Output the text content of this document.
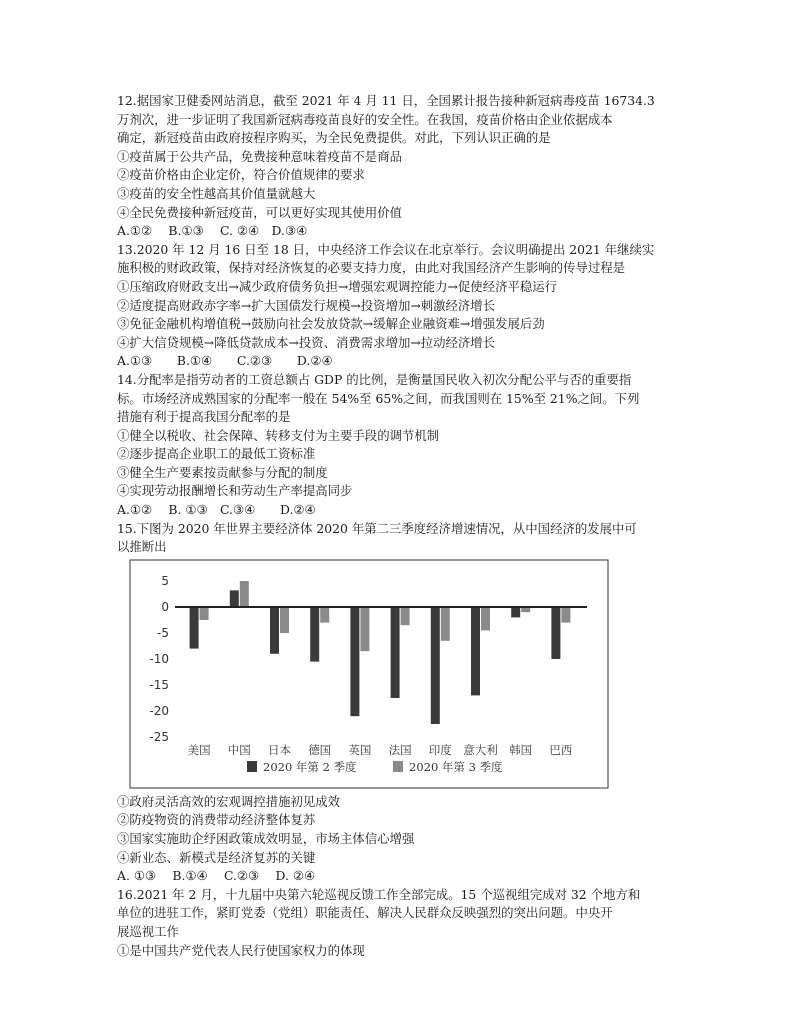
12.据国家卫健委网站消息，截至 2021 年 4 月 11 日，全国累计报告接种新冠病毒疫苗 16734.3
万剂次，进一步证明了我国新冠病毒疫苗良好的安全性。在我国，疫苗价格由企业依据成本
确定，新冠疫苗由政府按程序购买，为全民免费提供。对此，下列认识正确的是
①疫苗属于公共产品，免费接种意味着疫苗不是商品
②疫苗价格由企业定价，符合价值规律的要求
③疫苗的安全性越高其价值量就越大
④全民免费接种新冠疫苗，可以更好实现其使用价值
A.①②　 B.①③　 C. ②④　D.③④
13.2020 年 12 月 16 日至 18 日，中央经济工作会议在北京举行。会议明确提出 2021 年继续实
施积极的财政政策，保持对经济恢复的必要支持力度，由此对我国经济产生影响的传导过程是
①压缩政府财政支出→减少政府债务负担→增强宏观调控能力→促使经济平稳运行
②适度提高财政赤字率→扩大国债发行规模→投资增加→刺激经济增长
③免征金融机构增值税→鼓励向社会发放贷款→缓解企业融资难→增强发展后劲
④扩大信贷规模→降低贷款成本→投资、消费需求增加→拉动经济增长
A.①③　　B.①④　　C.②③　　D.②④
14.分配率是指劳动者的工资总额占 GDP 的比例，是衡量国民收入初次分配公平与否的重要指
标。市场经济成熟国家的分配率一般在 54%至 65%之间，而我国则在 15%至 21%之间。下列
措施有利于提高我国分配率的是
①健全以税收、社会保障、转移支付为主要手段的调节机制
②逐步提高企业职工的最低工资标准
③健全生产要素按贡献参与分配的制度
④实现劳动报酬增长和劳动生产率提高同步
A.①②　 B. ①③　C.③④　　D.②④
15.下图为 2020 年世界主要经济体 2020 年第二三季度经济增速情况，从中国经济的发展中可
以推断出
5
0
-5
-10
-15
-20
-25
美国 中国 日本 德国 英国 法国 印度 意大利 韩国 巴西
2020 年第 2 季度	2020 年第 3 季度
①政府灵活高效的宏观调控措施初见成效
②防疫物资的消费带动经济整体复苏
③国家实施助企纾困政策成效明显，市场主体信心增强
④新业态、新模式是经济复苏的关键
A. ①③　 B.①④　 C.②③　 D. ②④
16.2021 年 2 月，十九届中央第六轮巡视反馈工作全部完成。15 个巡视组完成对 32 个地方和
单位的进驻工作，紧盯党委（党组）职能责任、解决人民群众反映强烈的突出问题。中央开
展巡视工作
①是中国共产党代表人民行使国家权力的体现
